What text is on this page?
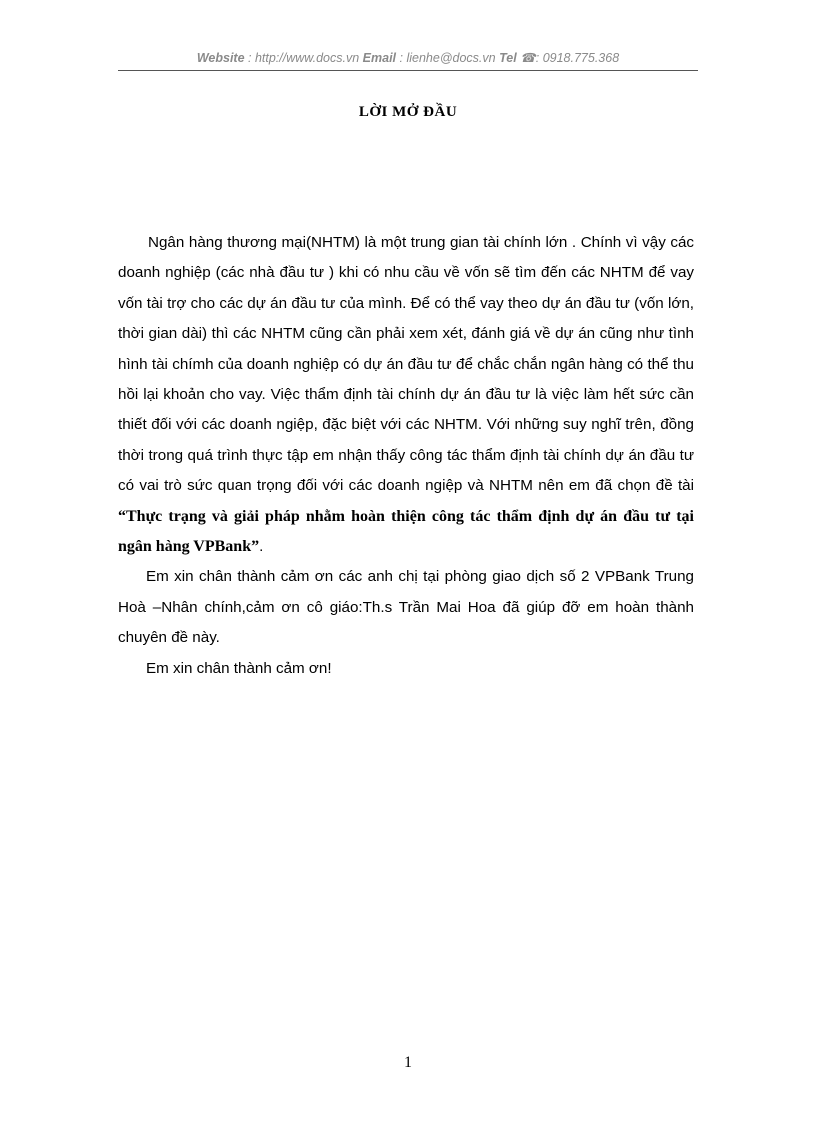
Website : http://www.docs.vn Email : lienhe@docs.vn Tel ☎: 0918.775.368
LỜI MỞ ĐẦU

Ngân hàng thương mại(NHTM) là một trung gian tài chính lớn . Chính vì vậy các doanh nghiệp (các nhà đầu tư ) khi có nhu cầu về vốn sẽ tìm đến các NHTM để vay vốn tài trợ cho các dự án đầu tư của mình. Để có thể vay theo dự án đầu tư (vốn lớn, thời gian dài) thì các NHTM cũng cần phải xem xét, đánh giá về dự án cũng như tình hình tài chímh của doanh nghiệp có dự án đầu tư để chắc chắn ngân hàng có thể thu hồi lại khoản cho vay. Việc thẩm định tài chính dự án đầu tư là việc làm hết sức cần thiết đối với các doanh ngiệp, đặc biệt với các NHTM. Với những suy nghĩ trên, đồng thời trong quá trình thực tập em nhận thấy công tác thẩm định tài chính dự án đầu tư có vai trò sức quan trọng đối với các doanh ngiệp và NHTM nên em đã chọn đề tài “Thực trạng và giải pháp nhằm hoàn thiện công tác thẩm định dự án đầu tư tại ngân hàng VPBank”.

Em xin chân thành cảm ơn các anh chị tại phòng giao dịch số 2 VPBank Trung Hoà –Nhân chính,cảm ơn cô giáo:Th.s Trần Mai Hoa đã giúp đỡ em hoàn thành chuyên đề này.

Em xin chân thành cảm ơn!

1
